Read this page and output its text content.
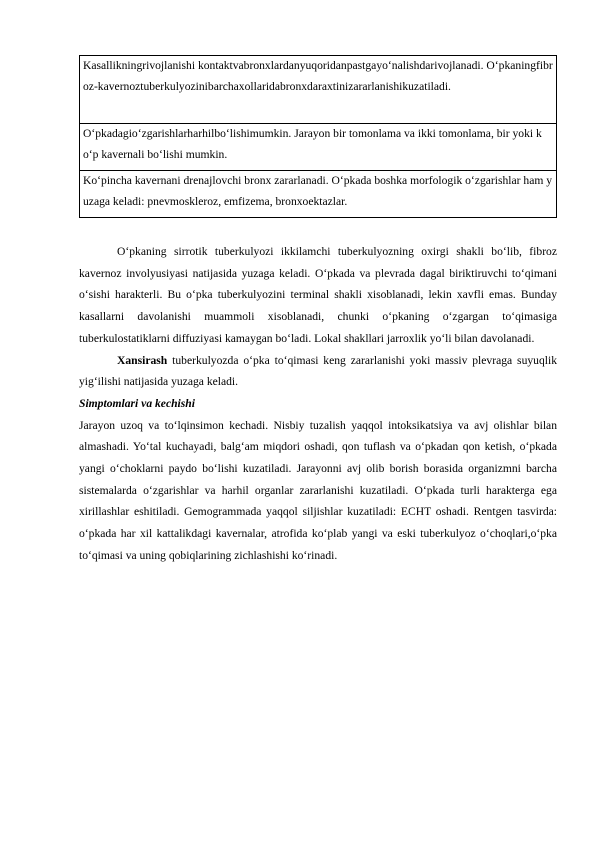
Kasallikningrivojlanishi kontaktvabronxlardanyuqoridanpastgayo‘nalishdarivojlanadi. O‘pkaningfibroz-kavernoztuberkulyozinibarchaxollaridabronxdaraxtinizararlanishikuzatiladi.
O‘pkadagio‘zgarishlarharhilbo‘lishimumkin. Jarayon bir tomonlama va ikki tomonlama, bir yoki ko‘p kavernali bo‘lishi mumkin.
Ko‘pincha kavernani drenajlovchi bronx zararlanadi. O‘pkada boshka morfologik o‘zgarishlar ham yuzaga keladi: pnevmoskleroz, emfizema, bronxoektazlar.

O‘pkaning sirrotik tuberkulyozi ikkilamchi tuberkulyozning oxirgi shakli bo‘lib, fibroz kavernoz involyusiyasi natijasida yuzaga keladi. O‘pkada va plevrada dagal biriktiruvchi to‘qimani o‘sishi harakterli. Bu o‘pka tuberkulyozini terminal shakli xisoblanadi, lekin xavfli emas. Bunday kasallarni davolanishi muammoli xisoblanadi, chunki o‘pkaning o‘zgargan to‘qimasiga tuberkulostatiklarni diffuziyasi kamaygan bo‘ladi. Lokal shakllari jarroxlik yo‘li bilan davolanadi.

Xansirash tuberkulyozda o‘pka to‘qimasi keng zararlanishi yoki massiv plevraga suyuqlik yig‘ilishi natijasida yuzaga keladi.

Simptomlari va kechishi

Jarayon uzoq va to‘lqinsimon kechadi. Nisbiy tuzalish yaqqol intoksikatsiya va avj olishlar bilan almashadi. Yo‘tal kuchayadi, balg‘am miqdori oshadi, qon tuflash va o‘pkadan qon ketish, o‘pkada yangi o‘choklarni paydo bo‘lishi kuzatiladi. Jarayonni avj olib borish borasida organizmni barcha sistemalarda o‘zgarishlar va harhil organlar zararlanishi kuzatiladi. O‘pkada turli harakterga ega xirillashlar eshitiladi. Gemogrammada yaqqol siljishlar kuzatiladi: ECHT oshadi. Rentgen tasvirda: o‘pkada har xil kattalikdagi kavernalar, atrofida ko‘plab yangi va eski tuberkulyoz o‘choqlari,o‘pka to‘qimasi va uning qobiqlarining zichlashishi ko‘rinadi.
